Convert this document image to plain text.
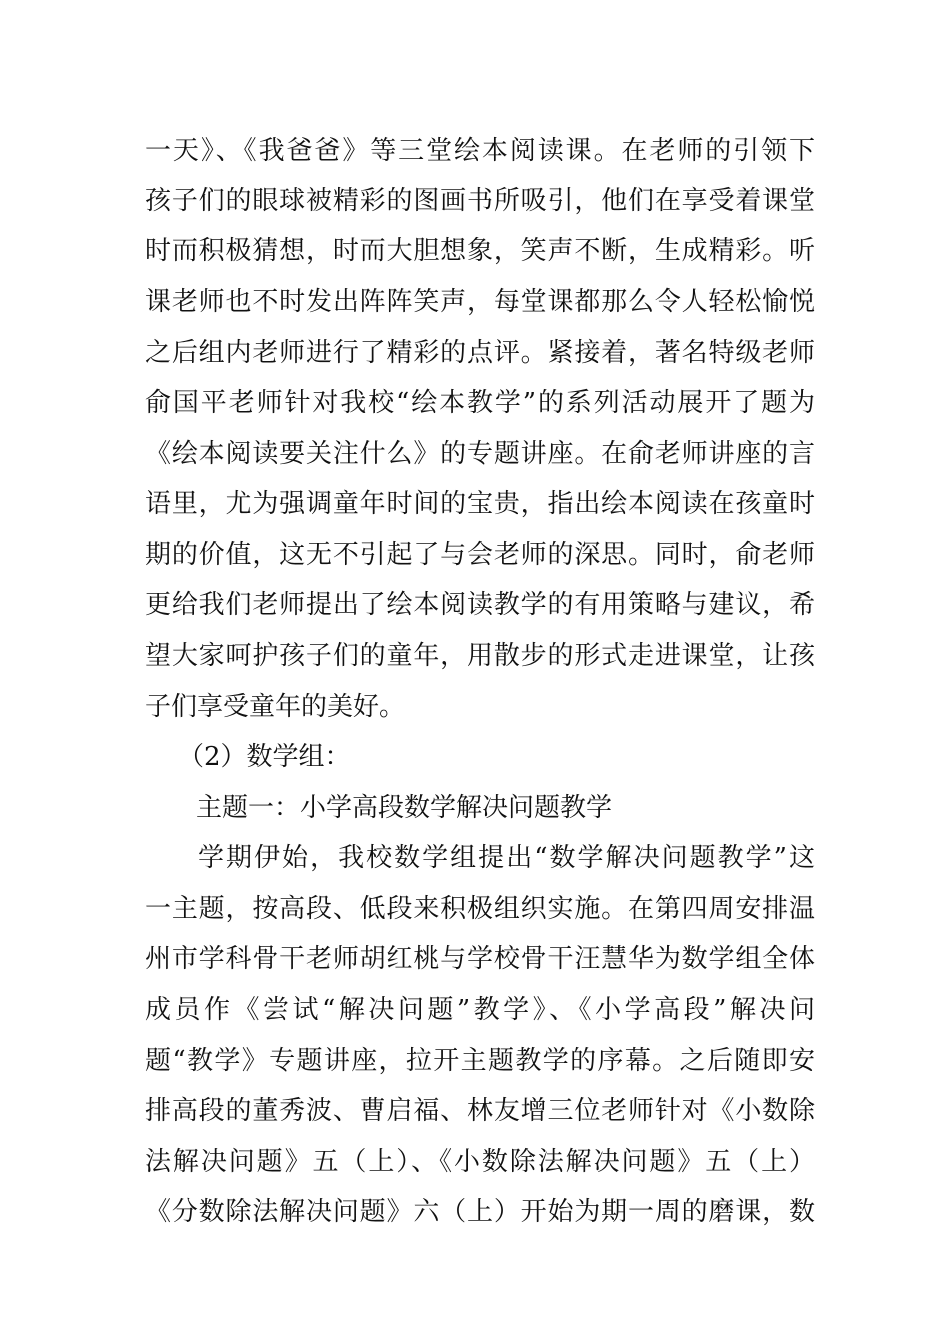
一天》、《我爸爸》等三堂绘本阅读课。在老师的引领下
孩子们的眼球被精彩的图画书所吸引，他们在享受着课堂
时而积极猜想，时而大胆想象，笑声不断，生成精彩。听
课老师也不时发出阵阵笑声，每堂课都那么令人轻松愉悦
之后组内老师进行了精彩的点评。紧接着，著名特级老师
俞国平老师针对我校“绘本教学”的系列活动展开了题为
《绘本阅读要关注什么》的专题讲座。在俞老师讲座的言
语里，尤为强调童年时间的宝贵，指出绘本阅读在孩童时
期的价值，这无不引起了与会老师的深思。同时，俞老师
更给我们老师提出了绘本阅读教学的有用策略与建议，希
望大家呵护孩子们的童年，用散步的形式走进课堂，让孩
子们享受童年的美好。
（2）数学组：
主题一：小学高段数学解决问题教学
学期伊始，我校数学组提出“数学解决问题教学”这
一主题，按高段、低段来积极组织实施。在第四周安排温
州市学科骨干老师胡红桃与学校骨干汪慧华为数学组全体
成员作《尝试“解决问题”教学》、《小学高段”解决问
题“教学》专题讲座，拉开主题教学的序幕。之后随即安
排高段的董秀波、曹启福、林友增三位老师针对《小数除
法解决问题》五（上）、《小数除法解决问题》五（上）
《分数除法解决问题》六（上）开始为期一周的磨课，数
